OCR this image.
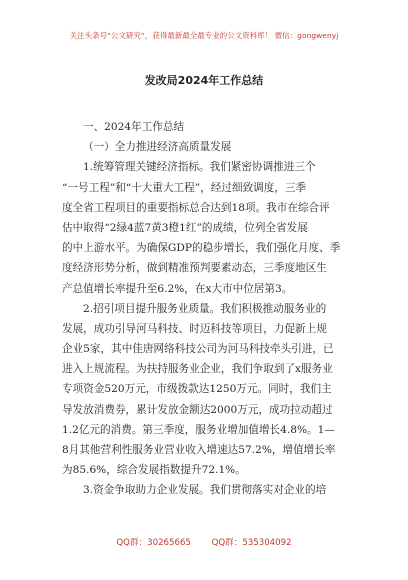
关注头条号“公文研究”，获得最新最全最专业的公文资料库！ 微信：gongwenyj
发改局2024年工作总结
一、2024年工作总结
（一）全力推进经济高质量发展
1.统筹管理关键经济指标。我们紧密协调推进三个
“一号工程”和“十大重大工程”，经过细致调度，三季
度全省工程项目的重要指标总合达到18项。我市在综合评
估中取得“2绿4蓝7黄3橙1红”的成绩，位列全省发展
的中上游水平。为确保GDP的稳步增长，我们强化月度、季
度经济形势分析，做到精准预判要素动态，三季度地区生
产总值增长率提升至6.2%，在x大市中位居第3。
2.招引项目提升服务业质量。我们积极推动服务业的
发展，成功引导河马科技、时迈科技等项目，力促新上规
企业5家，其中佳唐网络科技公司为河马科技牵头引进，已
进入上规流程。为扶持服务业企业，我们争取到了x服务业
专项资金520万元，市级拨款达1250万元。同时，我们主
导发放消费券，累计发放金额达2000万元，成功拉动超过
1.2亿元的消费。第三季度，服务业增加值增长4.8%。1—
8月其他营利性服务业营业收入增速达57.2%，增值增长率
为85.6%，综合发展指数提升72.1%。
3.资金争取助力企业发展。我们贯彻落实对企业的培
QQ群：30265665 QQ群：535304092
